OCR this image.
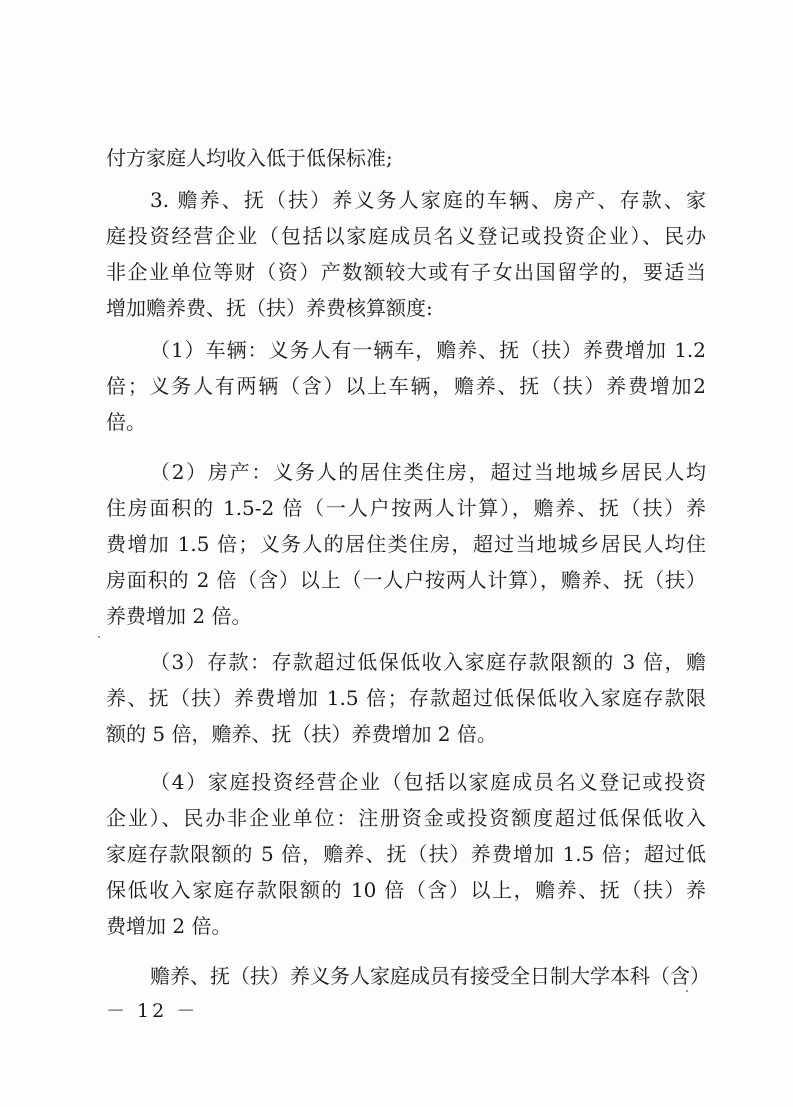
付方家庭人均收入低于低保标准;
3. 赡养、抚（扶）养义务人家庭的车辆、房产、存款、家
庭投资经营企业（包括以家庭成员名义登记或投资企业）、民办
非企业单位等财（资）产数额较大或有子女出国留学的，要适当
增加赡养费、抚（扶）养费核算额度:
（1）车辆：义务人有一辆车，赡养、抚（扶）养费增加 1.2
倍；义务人有两辆（含）以上车辆，赡养、抚（扶）养费增加2
倍。
（2）房产：义务人的居住类住房，超过当地城乡居民人均
住房面积的 1.5-2 倍（一人户按两人计算），赡养、抚（扶）养
费增加 1.5 倍；义务人的居住类住房，超过当地城乡居民人均住
房面积的 2 倍（含）以上（一人户按两人计算），赡养、抚（扶）
养费增加 2 倍。
（3）存款：存款超过低保低收入家庭存款限额的 3 倍，赡
养、抚（扶）养费增加 1.5 倍；存款超过低保低收入家庭存款限
额的 5 倍，赡养、抚（扶）养费增加 2 倍。
（4）家庭投资经营企业（包括以家庭成员名义登记或投资
企业）、民办非企业单位：注册资金或投资额度超过低保低收入
家庭存款限额的 5 倍，赡养、抚（扶）养费增加 1.5 倍；超过低
保低收入家庭存款限额的 10 倍（含）以上，赡养、抚（扶）养
费增加 2 倍。
赡养、抚（扶）养义务人家庭成员有接受全日制大学本科（含）
－ 12 －
